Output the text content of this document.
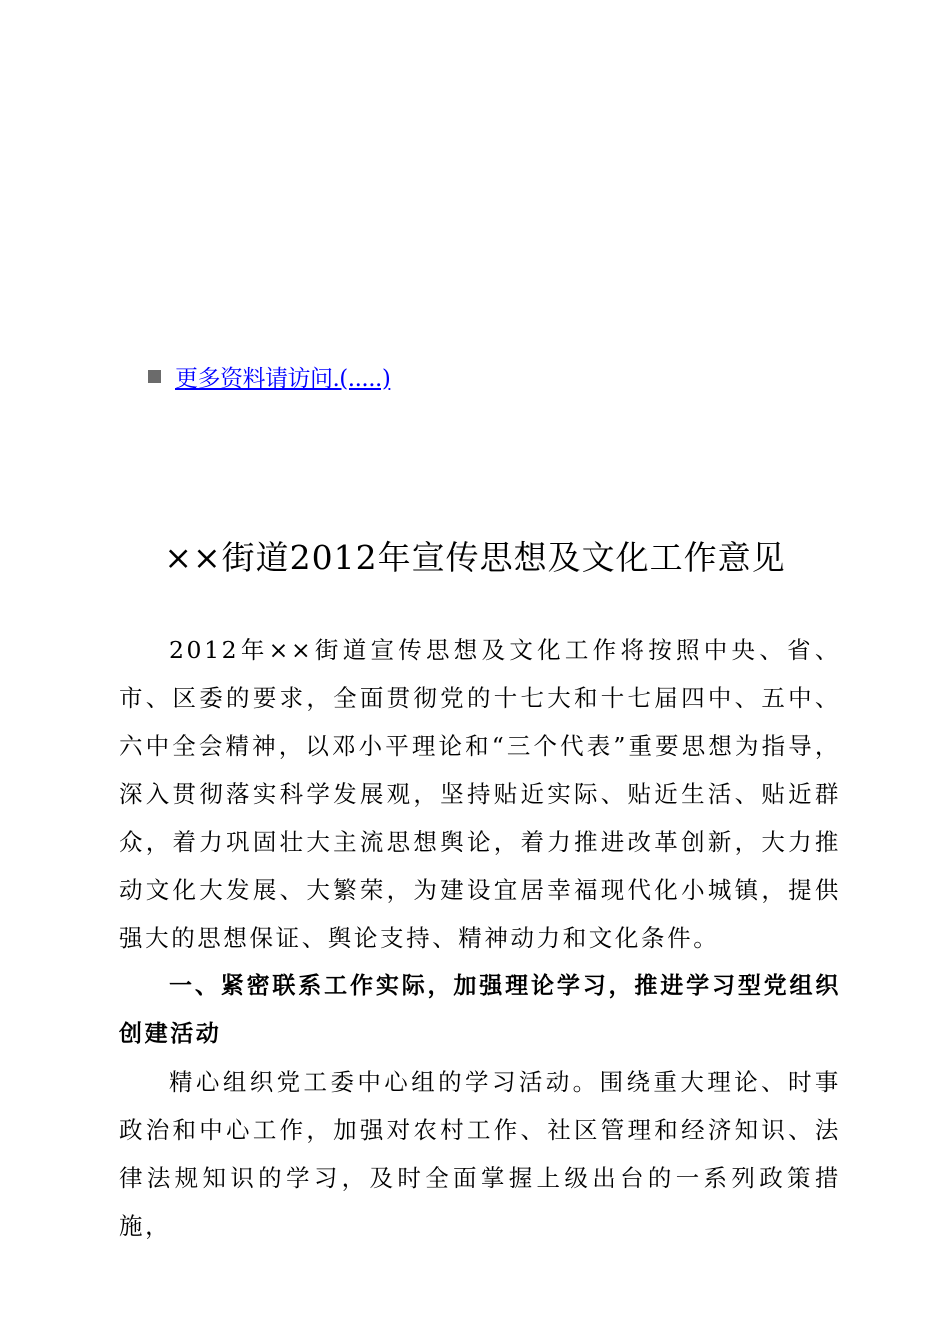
更多资料请访问.(.....)
××街道2012年宣传思想及文化工作意见

2012年××街道宣传思想及文化工作将按照中央、省、市、区委的要求，全面贯彻党的十七大和十七届四中、五中、六中全会精神，以邓小平理论和“三个代表”重要思想为指导，深入贯彻落实科学发展观，坚持贴近实际、贴近生活、贴近群众，着力巩固壮大主流思想舆论，着力推进改革创新，大力推动文化大发展、大繁荣，为建设宜居幸福现代化小城镇，提供强大的思想保证、舆论支持、精神动力和文化条件。

一、紧密联系工作实际，加强理论学习，推进学习型党组织创建活动

精心组织党工委中心组的学习活动。围绕重大理论、时事政治和中心工作，加强对农村工作、社区管理和经济知识、法律法规知识的学习，及时全面掌握上级出台的一系列政策措施，
